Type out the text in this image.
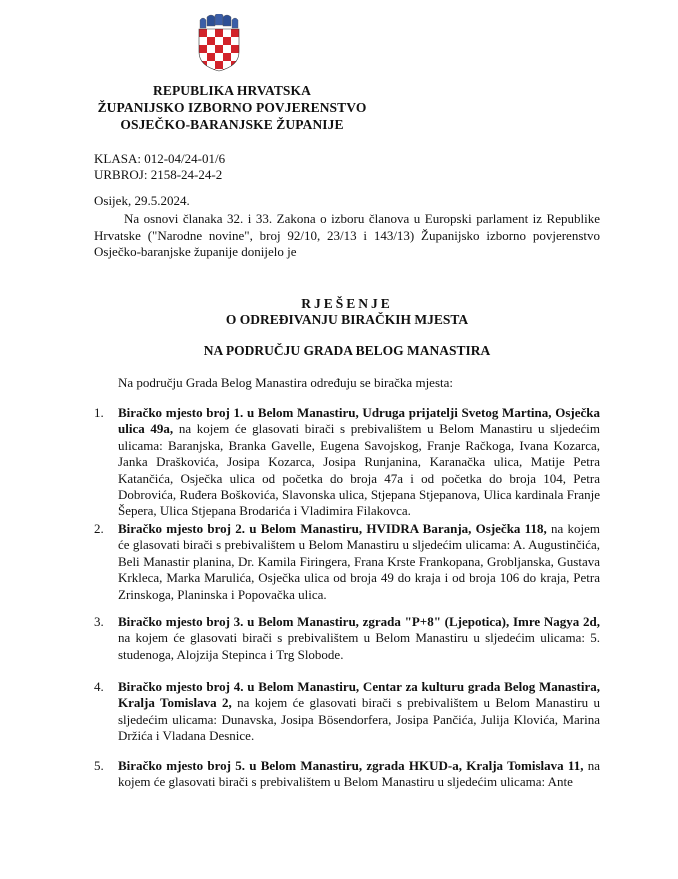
REPUBLIKA HRVATSKA
ŽUPANIJSKO IZBORNO POVJERENSTVO
OSJEČKO-BARANJSKE ŽUPANIJE
KLASA: 012-04/24-01/6
URBROJ: 2158-24-24-2
Osijek, 29.5.2024.
Na osnovi članaka 32. i 33. Zakona o izboru članova u Europski parlament iz Republike Hrvatske ("Narodne novine", broj 92/10, 23/13 i 143/13) Županijsko izborno povjerenstvo Osječko-baranjske županije donijelo je
RJEŠENJE
O ODREĐIVANJU BIRAČKIH MJESTA
NA PODRUČJU GRADA BELOG MANASTIRA
Na području Grada Belog Manastira određuju se biračka mjesta:
1.	Biračko mjesto broj 1. u Belom Manastiru, Udruga prijatelji Svetog Martina, Osječka ulica 49a, na kojem će glasovati birači s prebivalištem u Belom Manastiru u sljedećim ulicama: Baranjska, Branka Gavelle, Eugena Savojskog, Franje Račkoga, Ivana Kozarca, Janka Draškovića, Josipa Kozarca, Josipa Runjanina, Karanačka ulica, Matije Petra Katančića, Osječka ulica od početka do broja 47a i od početka do broja 104, Petra Dobrovića, Ruđera Boškovića, Slavonska ulica, Stjepana Stjepanova, Ulica kardinala Franje Šepera, Ulica Stjepana Brodarića i Vladimira Filakovca.
2.	Biračko mjesto broj 2. u Belom Manastiru, HVIDRA Baranja, Osječka 118, na kojem će glasovati birači s prebivalištem u Belom Manastiru u sljedećim ulicama: A. Augustinčića, Beli Manastir planina, Dr. Kamila Firingera, Frana Krste Frankopana, Grobljanska, Gustava Krkleca, Marka Marulića, Osječka ulica od broja 49 do kraja i od broja 106 do kraja, Petra Zrinskoga, Planinska i Popovačka ulica.
3.	Biračko mjesto broj 3. u Belom Manastiru, zgrada "P+8" (Ljepotica), Imre Nagya 2d, na kojem će glasovati birači s prebivalištem u Belom Manastiru u sljedećim ulicama: 5. studenoga, Alojzija Stepinca i Trg Slobode.
4.	Biračko mjesto broj 4. u Belom Manastiru, Centar za kulturu grada Belog Manastira, Kralja Tomislava 2, na kojem će glasovati birači s prebivalištem u Belom Manastiru u sljedećim ulicama: Dunavska, Josipa Bösendorfera, Josipa Pančića, Julija Klovića, Marina Držića i Vladana Desnice.
5.	Biračko mjesto broj 5. u Belom Manastiru, zgrada HKUD-a, Kralja Tomislava 11, na kojem će glasovati birači s prebivalištem u Belom Manastiru u sljedećim ulicama: Ante
